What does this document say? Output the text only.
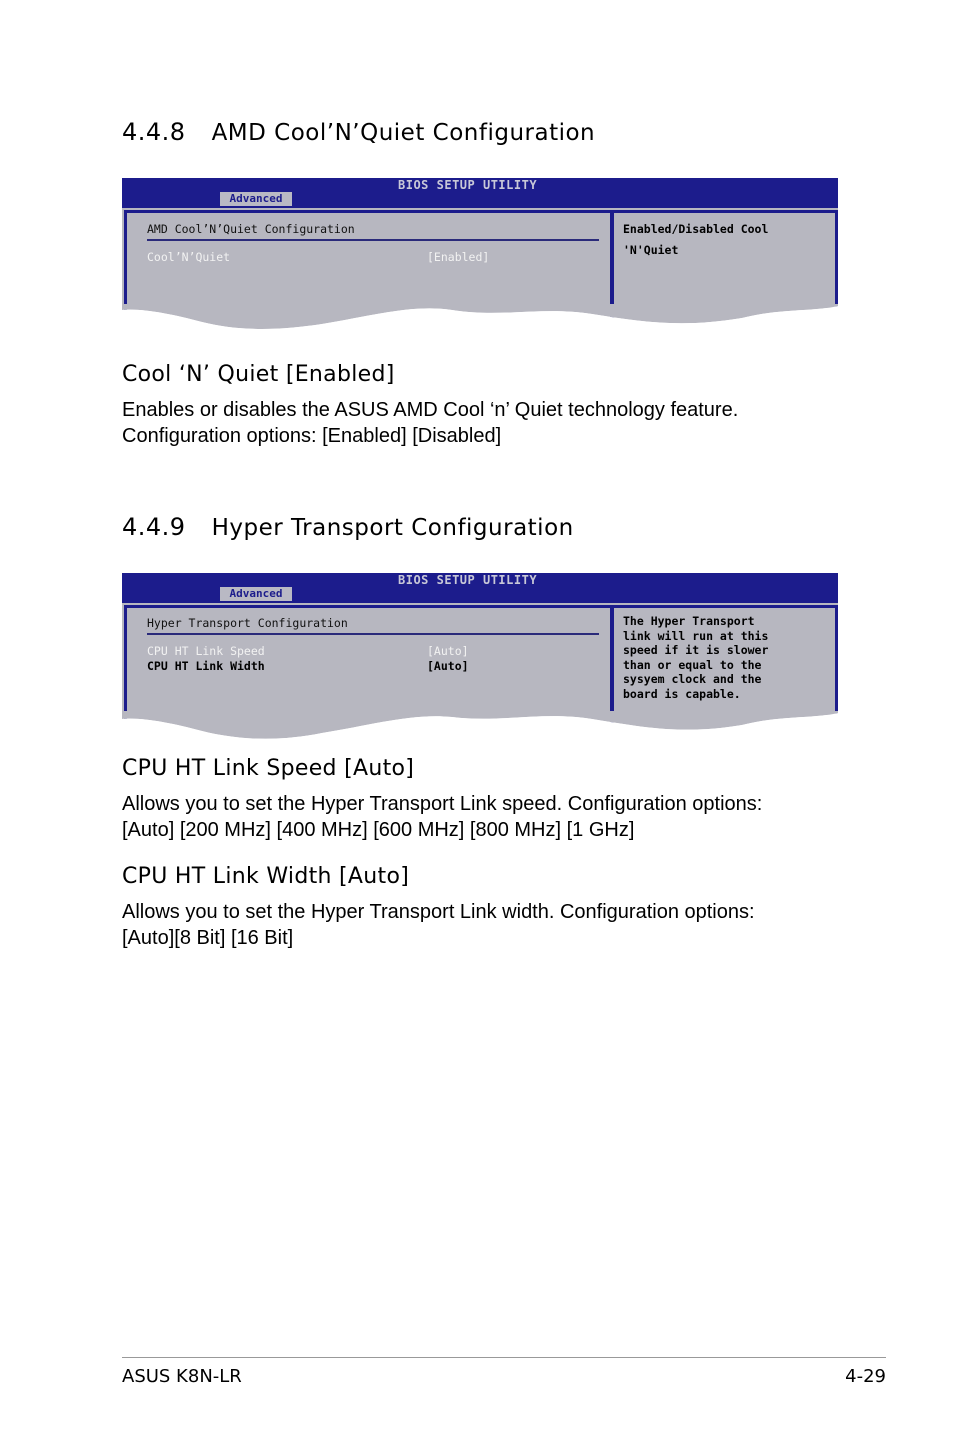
4.4.8 AMD Cool’N’Quiet Configuration
BIOS SETUP UTILITY
Advanced
AMD Cool’N’Quiet Configuration
Cool’N’Quiet	[Enabled]
Enabled/Disabled Cool
'N'Quiet
Cool ‘N’ Quiet [Enabled]
Enables or disables the ASUS AMD Cool ‘n’ Quiet technology feature.
Configuration options: [Enabled] [Disabled]
4.4.9 Hyper Transport Configuration
BIOS SETUP UTILITY
Advanced
Hyper Transport Configuration
CPU HT Link Speed	[Auto]
CPU HT Link Width	[Auto]
The Hyper Transport
link will run at this
speed if it is slower
than or equal to the
sysyem clock and the
board is capable.
CPU HT Link Speed [Auto]
Allows you to set the Hyper Transport Link speed. Configuration options:
[Auto] [200 MHz] [400 MHz] [600 MHz] [800 MHz] [1 GHz]
CPU HT Link Width [Auto]
Allows you to set the Hyper Transport Link width. Configuration options:
[Auto][8 Bit] [16 Bit]
ASUS K8N-LR	4-29
